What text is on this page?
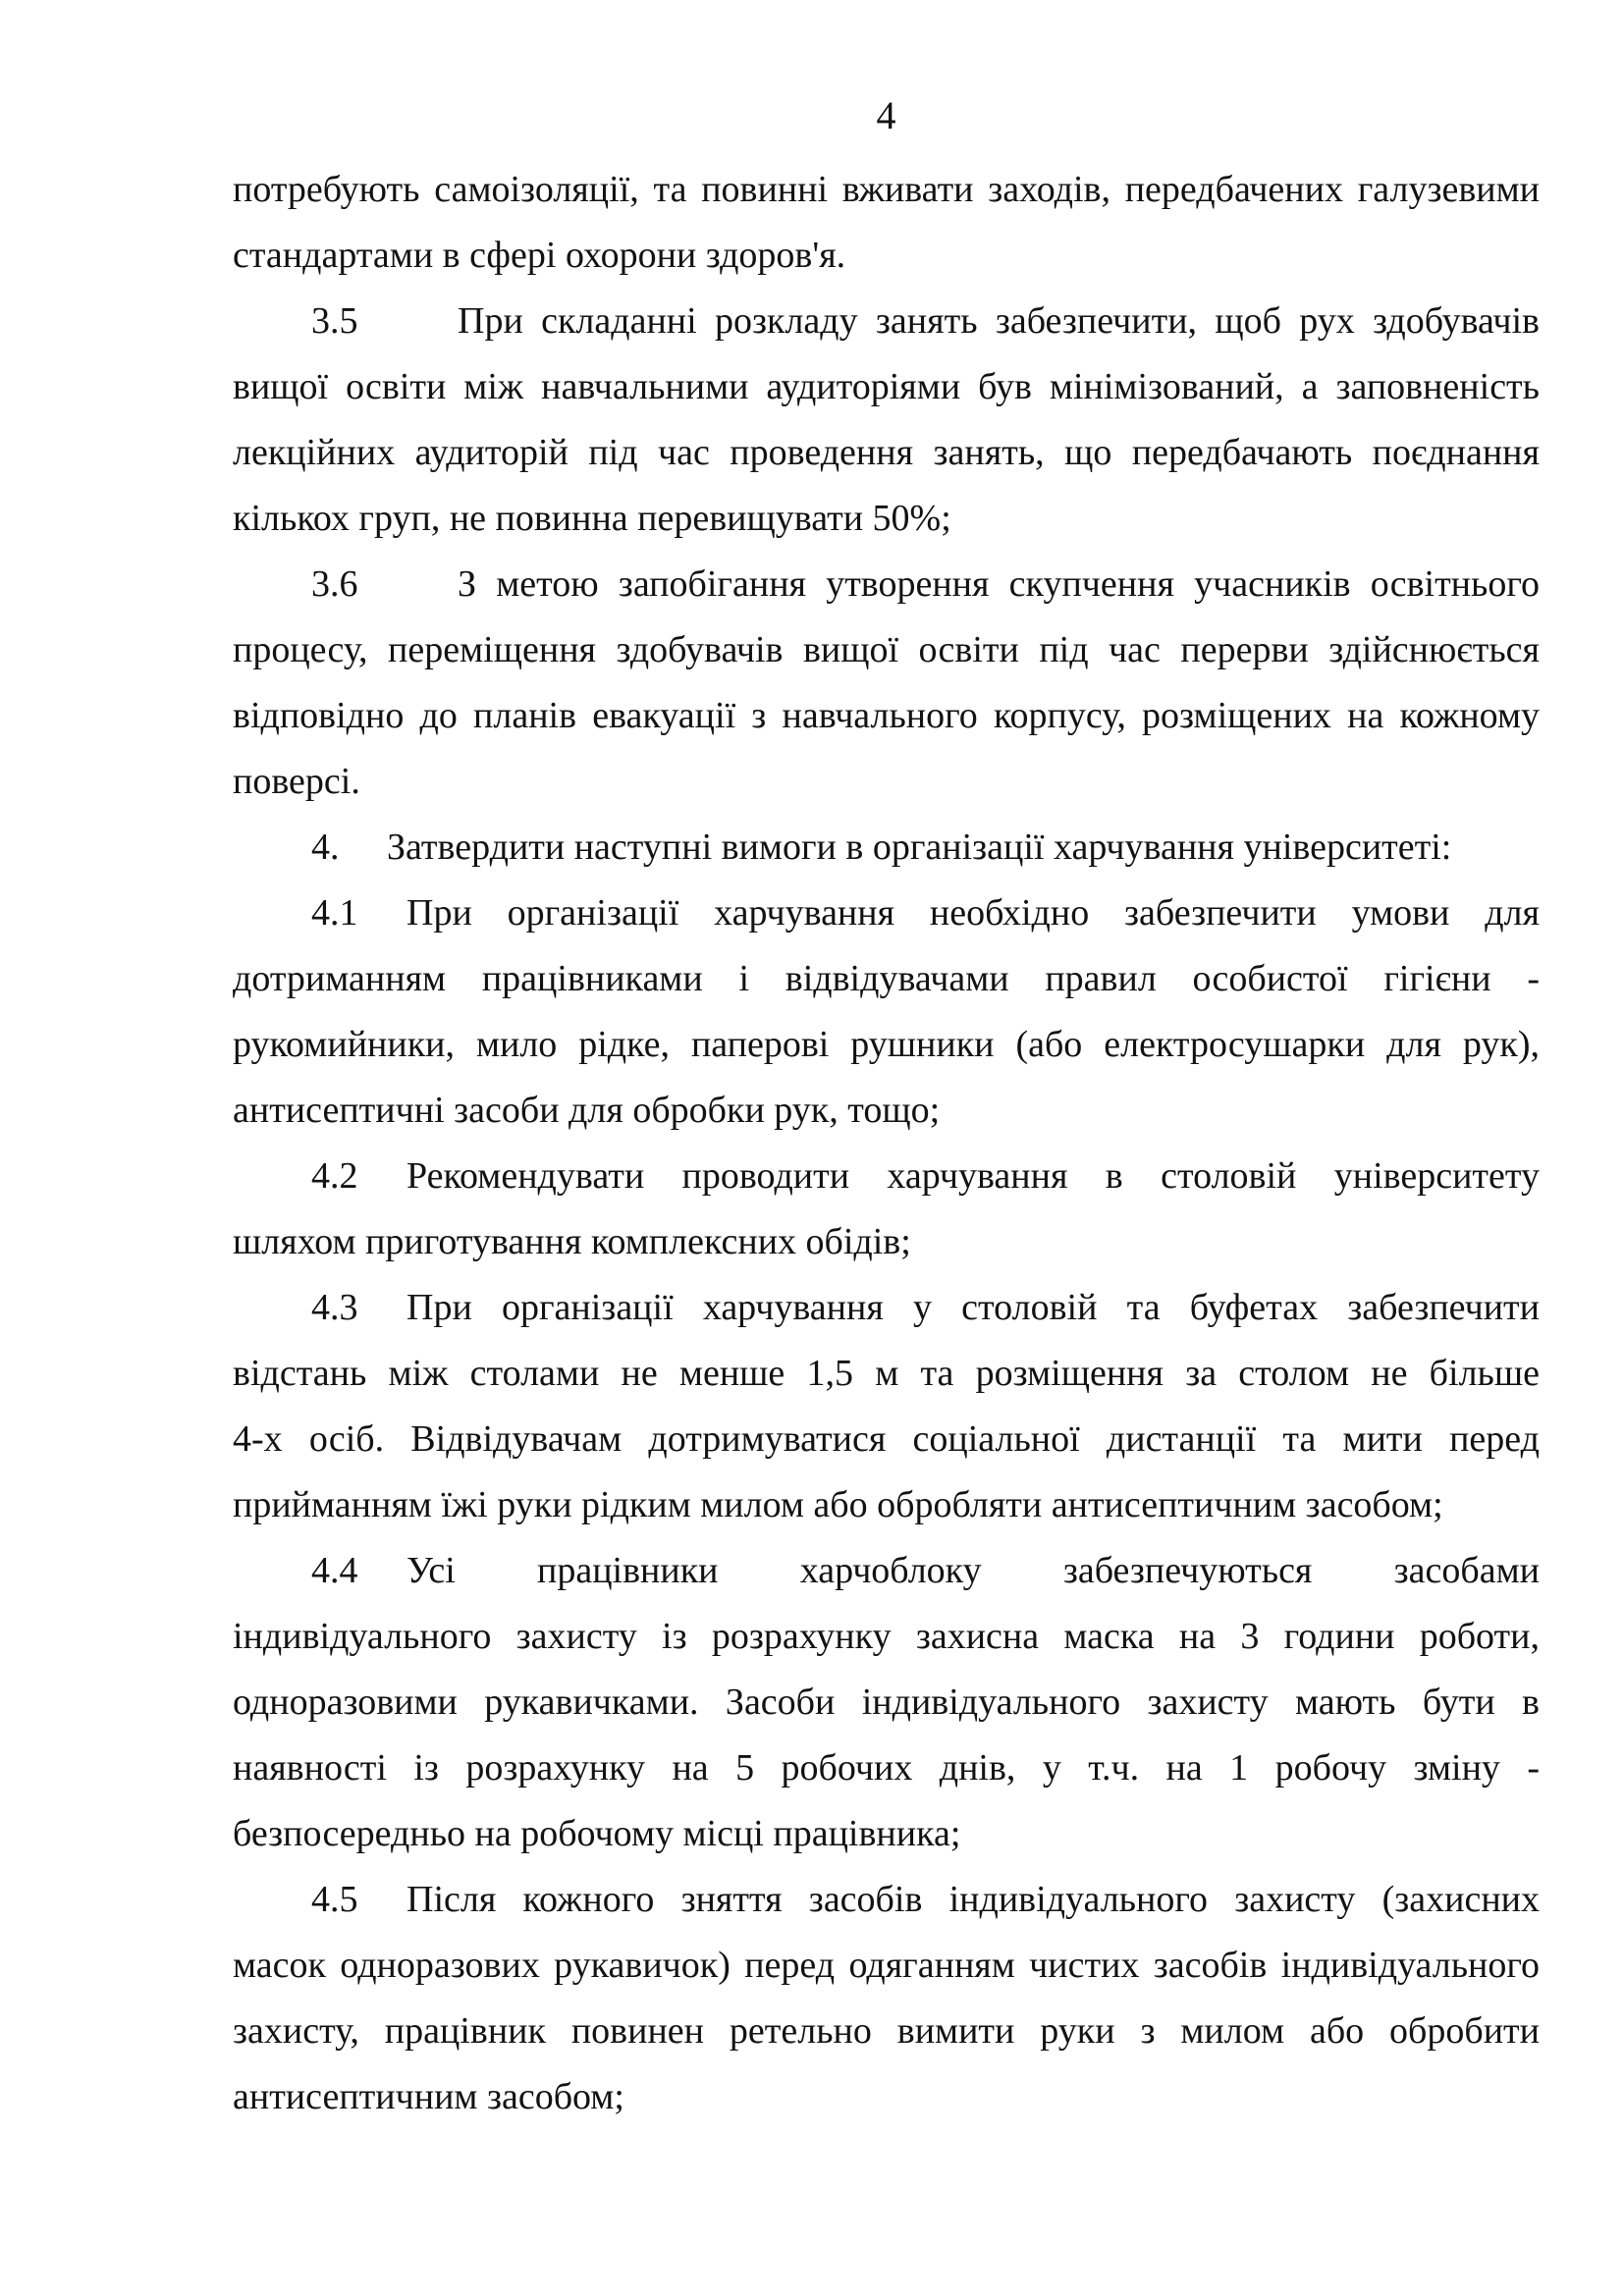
4
потребують самоізоляції, та повинні вживати заходів, передбачених галузевими
стандартами в сфері охорони здоров'я.
3.5	При складанні розкладу занять забезпечити, щоб рух здобувачів
вищої освіти між навчальними аудиторіями був мінімізований, а заповненість
лекційних аудиторій під час проведення занять, що передбачають поєднання
кількох груп, не повинна перевищувати 50%;
3.6	З метою запобігання утворення скупчення учасників освітнього
процесу, переміщення здобувачів вищої освіти під час перерви здійснюється
відповідно до планів евакуації з навчального корпусу, розміщених на кожному
поверсі.
4. Затвердити наступні вимоги в організації харчування університеті:
4.1 При організації харчування необхідно забезпечити умови для
дотриманням працівниками і відвідувачами правил особистої гігієни -
рукомийники, мило рідке, паперові рушники (або електросушарки для рук),
антисептичні засоби для обробки рук, тощо;
4.2 Рекомендувати проводити харчування в столовій університету
шляхом приготування комплексних обідів;
4.3 При організації харчування у столовій та буфетах забезпечити
відстань між столами не менше 1,5 м та розміщення за столом не більше
4-х осіб. Відвідувачам дотримуватися соціальної дистанції та мити перед
прийманням їжі руки рідким милом або обробляти антисептичним засобом;
4.4 Усі працівники харчоблоку забезпечуються засобами
індивідуального захисту із розрахунку захисна маска на 3 години роботи,
одноразовими рукавичками. Засоби індивідуального захисту мають бути в
наявності із розрахунку на 5 робочих днів, у т.ч. на 1 робочу зміну -
безпосередньо на робочому місці працівника;
4.5 Після кожного зняття засобів індивідуального захисту (захисних
масок одноразових рукавичок) перед одяганням чистих засобів індивідуального
захисту, працівник повинен ретельно вимити руки з милом або обробити
антисептичним засобом;
